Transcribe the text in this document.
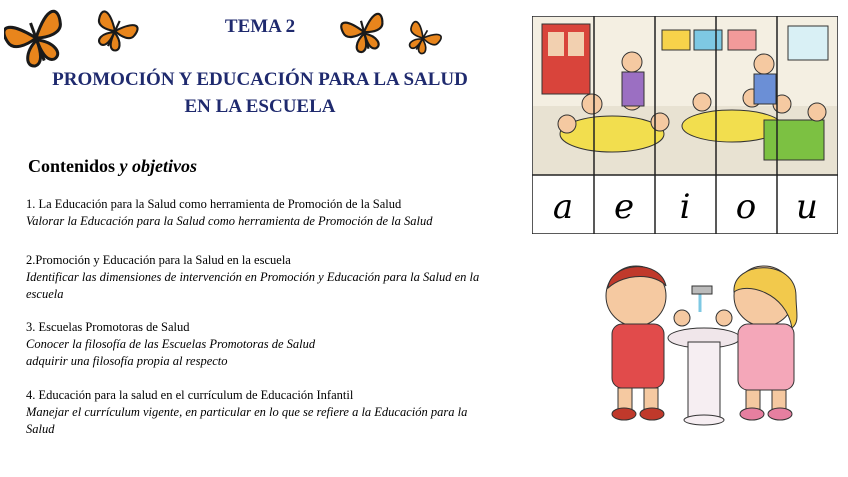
TEMA 2
PROMOCIÓN Y EDUCACIÓN PARA LA SALUD
EN LA ESCUELA
Contenidos y objetivos
1. La Educación para la Salud como herramienta de Promoción de la Salud
Valorar la Educación para la Salud como herramienta de Promoción de la Salud
2.Promoción y Educación para la Salud en la escuela
Identificar las dimensiones de intervención en Promoción y Educación para la Salud en la escuela
3. Escuelas Promotoras de Salud
Conocer la filosofía de las Escuelas Promotoras de Salud
adquirir una filosofía propia al respecto
4. Educación para la salud en el currículum de Educación Infantil
Manejar el currículum vigente, en particular en lo que se refiere a la Educación para la Salud
a e i o u
